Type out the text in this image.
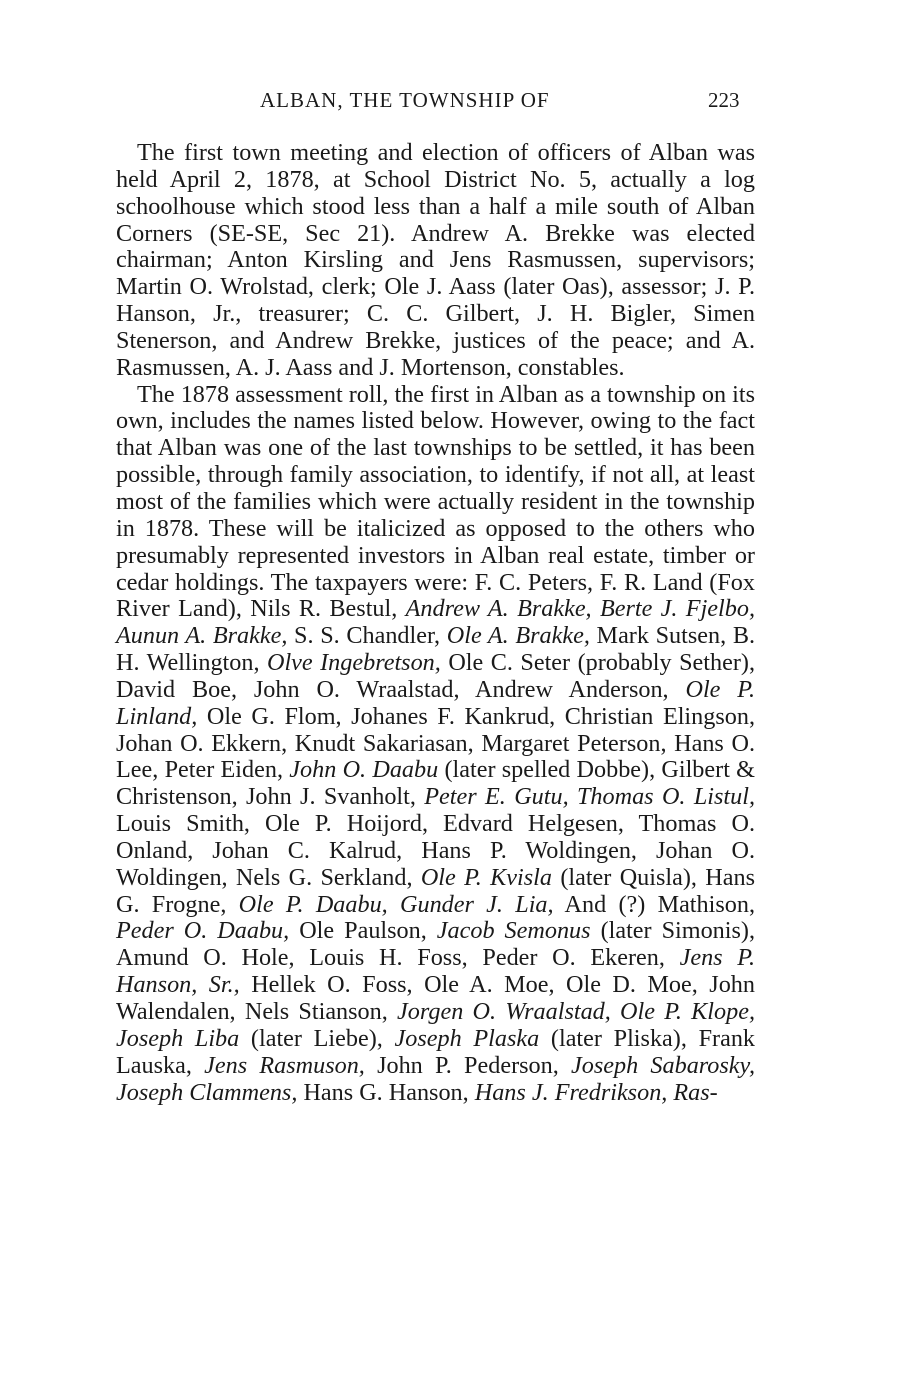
ALBAN, THE TOWNSHIP OF	223

The first town meeting and election of officers of Alban was held April 2, 1878, at School District No. 5, actually a log schoolhouse which stood less than a half a mile south of Alban Corners (SE-SE, Sec 21). Andrew A. Brekke was elected chairman; Anton Kirsling and Jens Rasmussen, supervisors; Martin O. Wrolstad, clerk; Ole J. Aass (later Oas), assessor; J. P. Hanson, Jr., treasurer; C. C. Gilbert, J. H. Bigler, Simen Stenerson, and Andrew Brekke, justices of the peace; and A. Rasmussen, A. J. Aass and J. Mortenson, constables.

The 1878 assessment roll, the first in Alban as a township on its own, includes the names listed below. However, owing to the fact that Alban was one of the last townships to be settled, it has been possible, through family association, to identify, if not all, at least most of the families which were actually resident in the township in 1878. These will be italicized as opposed to the others who presumably represented investors in Alban real estate, timber or cedar holdings. The taxpayers were: F. C. Peters, F. R. Land (Fox River Land), Nils R. Bestul, Andrew A. Brakke, Berte J. Fjelbo, Aunun A. Brakke, S. S. Chandler, Ole A. Brakke, Mark Sutsen, B. H. Wellington, Olve Ingebretson, Ole C. Seter (probably Sether), David Boe, John O. Wraalstad, Andrew Anderson, Ole P. Linland, Ole G. Flom, Johanes F. Kankrud, Christian Elingson, Johan O. Ekkern, Knudt Sakariasan, Margaret Peterson, Hans O. Lee, Peter Eiden, John O. Daabu (later spelled Dobbe), Gilbert & Christenson, John J. Svanholt, Peter E. Gutu, Thomas O. Listul, Louis Smith, Ole P. Hoijord, Edvard Helgesen, Thomas O. Onland, Johan C. Kalrud, Hans P. Woldingen, Johan O. Woldingen, Nels G. Serkland, Ole P. Kvisla (later Quisla), Hans G. Frogne, Ole P. Daabu, Gunder J. Lia, And (?) Mathison, Peder O. Daabu, Ole Paulson, Jacob Semonus (later Simonis), Amund O. Hole, Louis H. Foss, Peder O. Ekeren, Jens P. Hanson, Sr., Hellek O. Foss, Ole A. Moe, Ole D. Moe, John Walendalen, Nels Stianson, Jorgen O. Wraalstad, Ole P. Klope, Joseph Liba (later Liebe), Joseph Plaska (later Pliska), Frank Lauska, Jens Rasmuson, John P. Pederson, Joseph Sabarosky, Joseph Clammens, Hans G. Hanson, Hans J. Fredrikson, Ras-
